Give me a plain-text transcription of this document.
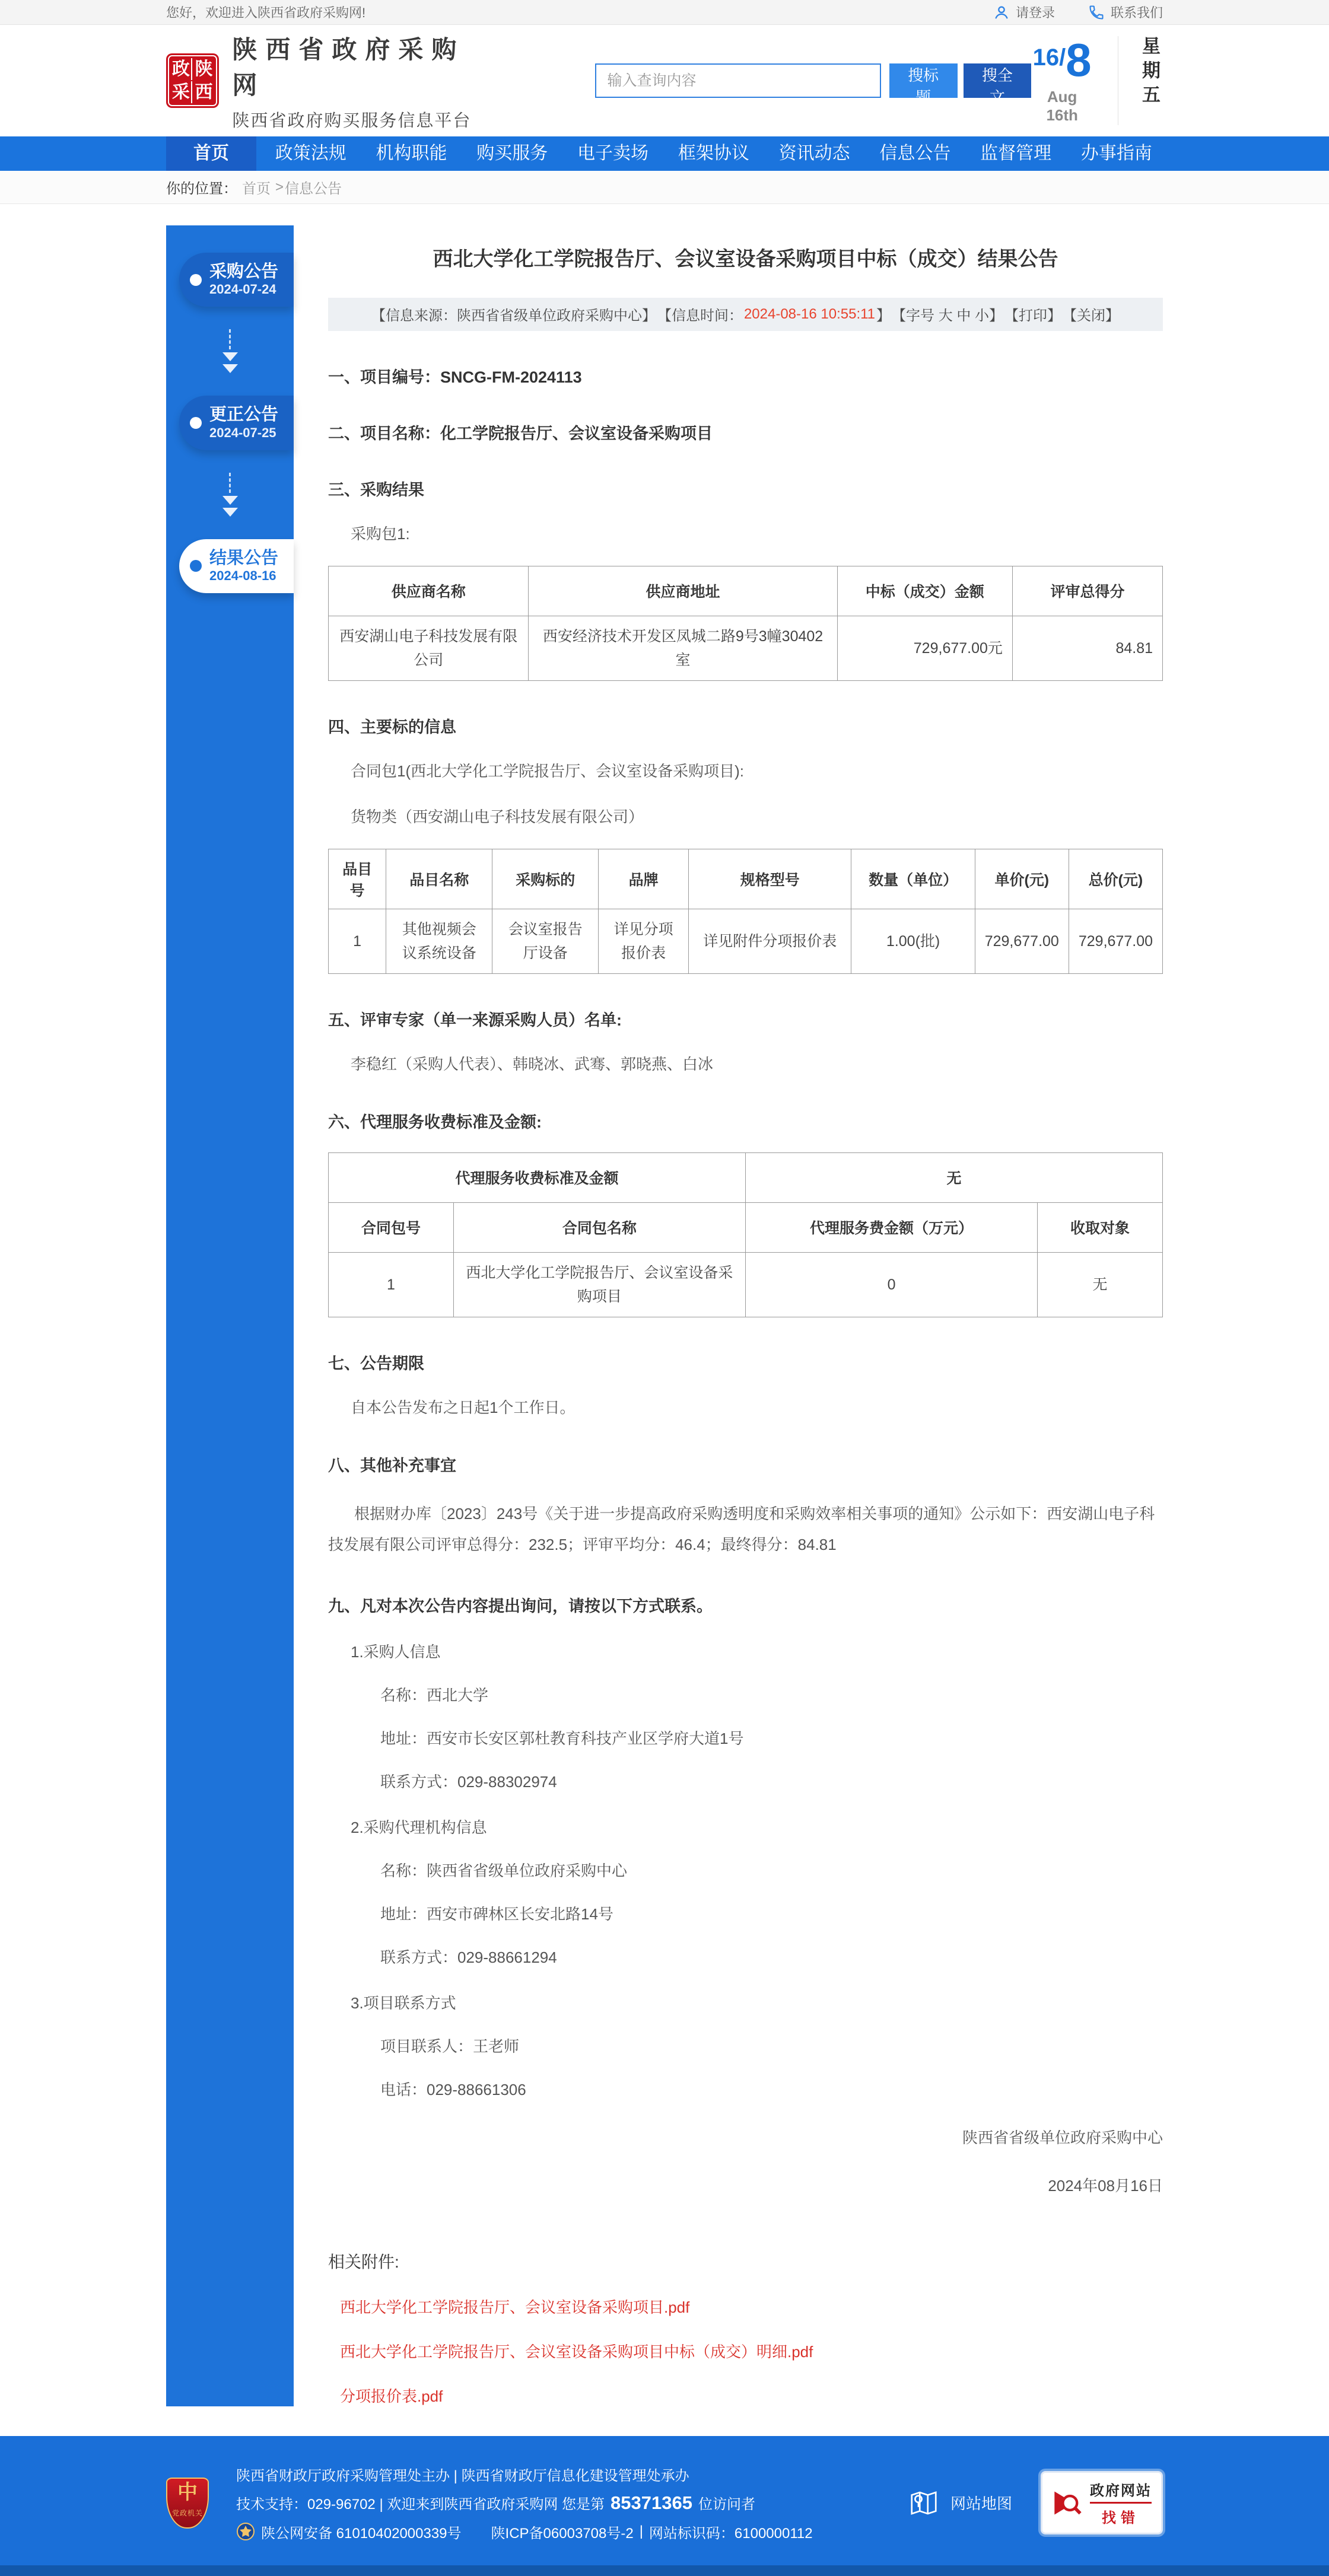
您好，欢迎进入陕西省政府采购网!	请登录	联系我们
政 陕
采 西
陕西省政府采购网
陕西省政府购买服务信息平台
输入查询内容
搜标题
搜全文
16/8
Aug 16th
星期五
首页	政策法规	机构职能	购买服务	电子卖场	框架协议	资讯动态	信息公告	监督管理	办事指南
你的位置： 首页 > 信息公告
采购公告
2024-07-24
更正公告
2024-07-25
结果公告
2024-08-16
西北大学化工学院报告厅、会议室设备采购项目中标（成交）结果公告
【信息来源：陕西省省级单位政府采购中心】 【信息时间： 2024-08-16 10:55:11 】 【字号 大 中 小】 【打印】 【关闭】
一、项目编号：SNCG-FM-2024113
二、项目名称：化工学院报告厅、会议室设备采购项目
三、采购结果

采购包1:

供应商名称	供应商地址	中标（成交）金额	评审总得分
西安湖山电子科技发展有限公司	西安经济技术开发区凤城二路9号3幢30402室	729,677.00元	84.81
四、主要标的信息

合同包1(西北大学化工学院报告厅、会议室设备采购项目):

货物类（西安湖山电子科技发展有限公司）

品目号	品目名称	采购标的	品牌	规格型号	数量（单位）	单价(元)	总价(元)
1	其他视频会议系统设备	会议室报告厅设备	详见分项报价表	详见附件分项报价表	1.00(批)	729,677.00	729,677.00
五、评审专家（单一来源采购人员）名单:

李稳红（采购人代表）、韩晓冰、武骞、郭晓燕、白冰

六、代理服务收费标准及金额:
代理服务收费标准及金额		无	
合同包号	合同包名称	代理服务费金额（万元）	收取对象
1	西北大学化工学院报告厅、会议室设备采购项目	0	无
七、公告期限

自本公告发布之日起1个工作日。

八、其他补充事宜

根据财办库〔2023〕243号《关于进一步提高政府采购透明度和采购效率相关事项的通知》公示如下：西安湖山电子科技发展有限公司评审总得分：232.5；评审平均分：46.4；最终得分：84.81

九、凡对本次公告内容提出询问，请按以下方式联系。

1.采购人信息

名称：西北大学

地址：西安市长安区郭杜教育科技产业区学府大道1号

联系方式：029-88302974

2.采购代理机构信息

名称：陕西省省级单位政府采购中心

地址：西安市碑林区长安北路14号

联系方式：029-88661294

3.项目联系方式

项目联系人：王老师

电话：029-88661306

陕西省省级单位政府采购中心

2024年08月16日

相关附件:

西北大学化工学院报告厅、会议室设备采购项目.pdf
西北大学化工学院报告厅、会议室设备采购项目中标（成交）明细.pdf
分项报价表.pdf
中
党政机关

陕西省财政厅政府采购管理处主办 | 陕西省财政厅信息化建设管理处承办

技术支持：029-96702 | 欢迎来到陕西省政府采购网 您是第 85371365 位访问者

陕公网安备 61010402000339号 陕ICP备06003708号-2 | 网站标识码：6100000112

网站地图
政府网站
找错
